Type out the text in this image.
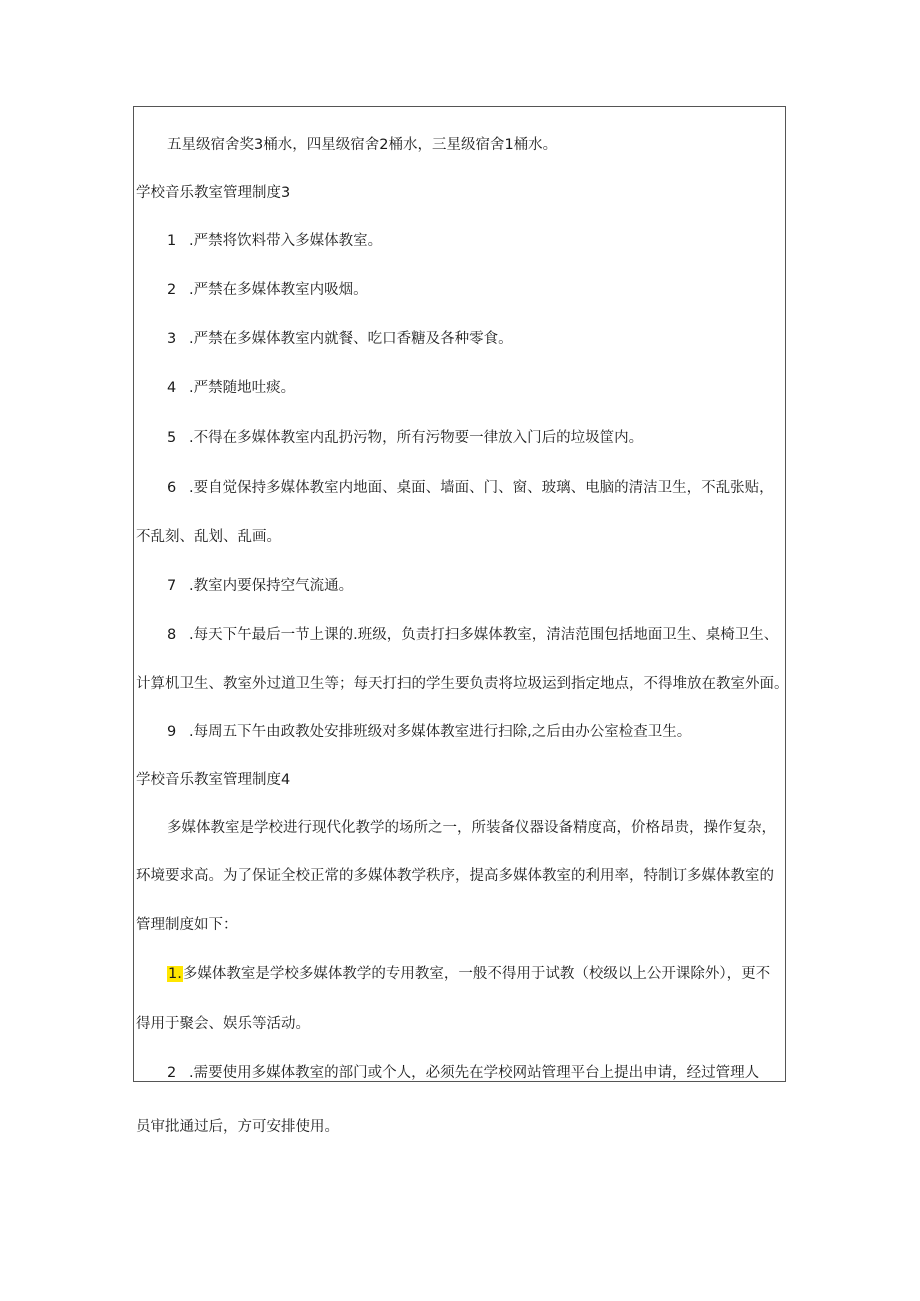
五星级宿舍奖3桶水，四星级宿舍2桶水，三星级宿舍1桶水。
学校音乐教室管理制度3
1 .严禁将饮料带入多媒体教室。
2 .严禁在多媒体教室内吸烟。
3 .严禁在多媒体教室内就餐、吃口香糖及各种零食。
4 .严禁随地吐痰。
5 .不得在多媒体教室内乱扔污物，所有污物要一律放入门后的垃圾筐内。
6 .要自觉保持多媒体教室内地面、桌面、墙面、门、窗、玻璃、电脑的清洁卫生，不乱张贴，
不乱刻、乱划、乱画。
7 .教室内要保持空气流通。
8 .每天下午最后一节上课的.班级，负责打扫多媒体教室，清洁范围包括地面卫生、桌椅卫生、
计算机卫生、教室外过道卫生等；每天打扫的学生要负责将垃圾运到指定地点，不得堆放在教室外面。
9 .每周五下午由政教处安排班级对多媒体教室进行扫除,之后由办公室检查卫生。
学校音乐教室管理制度4
多媒体教室是学校进行现代化教学的场所之一，所装备仪器设备精度高，价格昂贵，操作复杂，
环境要求高。为了保证全校正常的多媒体教学秩序，提高多媒体教室的利用率，特制订多媒体教室的
管理制度如下：
1.多媒体教室是学校多媒体教学的专用教室，一般不得用于试教（校级以上公开课除外），更不
得用于聚会、娱乐等活动。
2 .需要使用多媒体教室的部门或个人，必须先在学校网站管理平台上提出申请，经过管理人
员审批通过后，方可安排使用。
